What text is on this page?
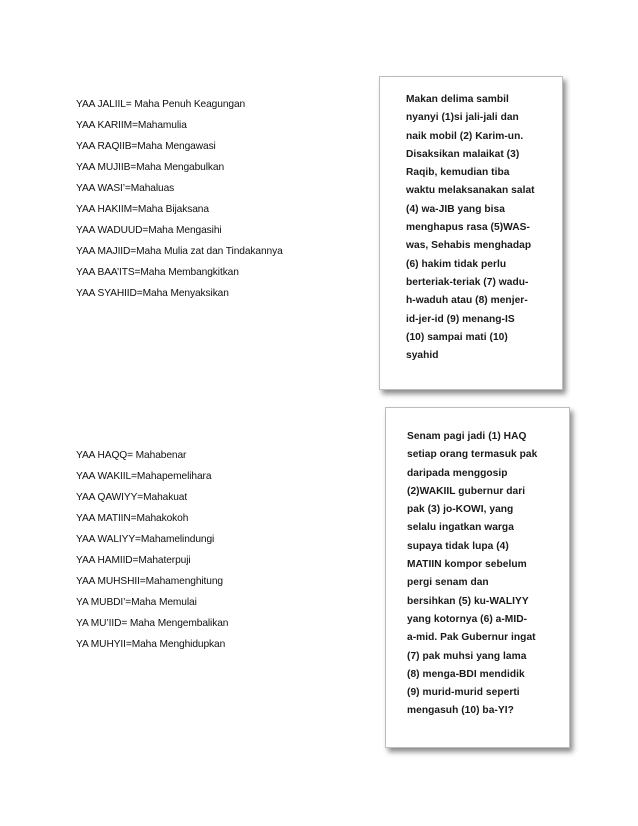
YAA JALIIL= Maha Penuh Keagungan
YAA KARIIM=Mahamulia
YAA RAQIIB=Maha Mengawasi
YAA MUJIIB=Maha Mengabulkan
YAA WASI’=Mahaluas
YAA HAKIIM=Maha Bijaksana
YAA WADUUD=Maha Mengasihi
YAA MAJIID=Maha Mulia zat dan Tindakannya
YAA BAA’ITS=Maha Membangkitkan
YAA SYAHIID=Maha Menyaksikan
YAA HAQQ= Mahabenar
YAA WAKIIL=Mahapemelihara
YAA QAWIYY=Mahakuat
YAA MATIIN=Mahakokoh
YAA WALIYY=Mahamelindungi
YAA HAMIID=Mahaterpuji
YAA MUHSHII=Mahamenghitung
YA MUBDI’=Maha Memulai
YA MU’IID= Maha Mengembalikan
YA MUHYII=Maha Menghidupkan

Makan delima sambil

nyanyi (1)si jali-jali dan

naik mobil (2) Karim-un.

Disaksikan malaikat (3)

Raqib, kemudian tiba

waktu melaksanakan salat

(4) wa-JIB yang bisa

menghapus rasa (5)WAS-

was, Sehabis menghadap

(6) hakim tidak perlu

berteriak-teriak (7) wadu-

h-waduh atau (8) menjer-

id-jer-id (9) menang-IS

(10) sampai mati (10)

syahid

Senam pagi jadi (1) HAQ

setiap orang termasuk pak

daripada menggosip

(2)WAKIIL gubernur dari

pak (3) jo-KOWI, yang

selalu ingatkan warga

supaya tidak lupa (4)

MATIIN kompor sebelum

pergi senam dan

bersihkan (5) ku-WALIYY

yang kotornya (6) a-MID-

a-mid. Pak Gubernur ingat

(7) pak muhsi yang lama

(8) menga-BDI mendidik

(9) murid-murid seperti

mengasuh (10) ba-YI?
